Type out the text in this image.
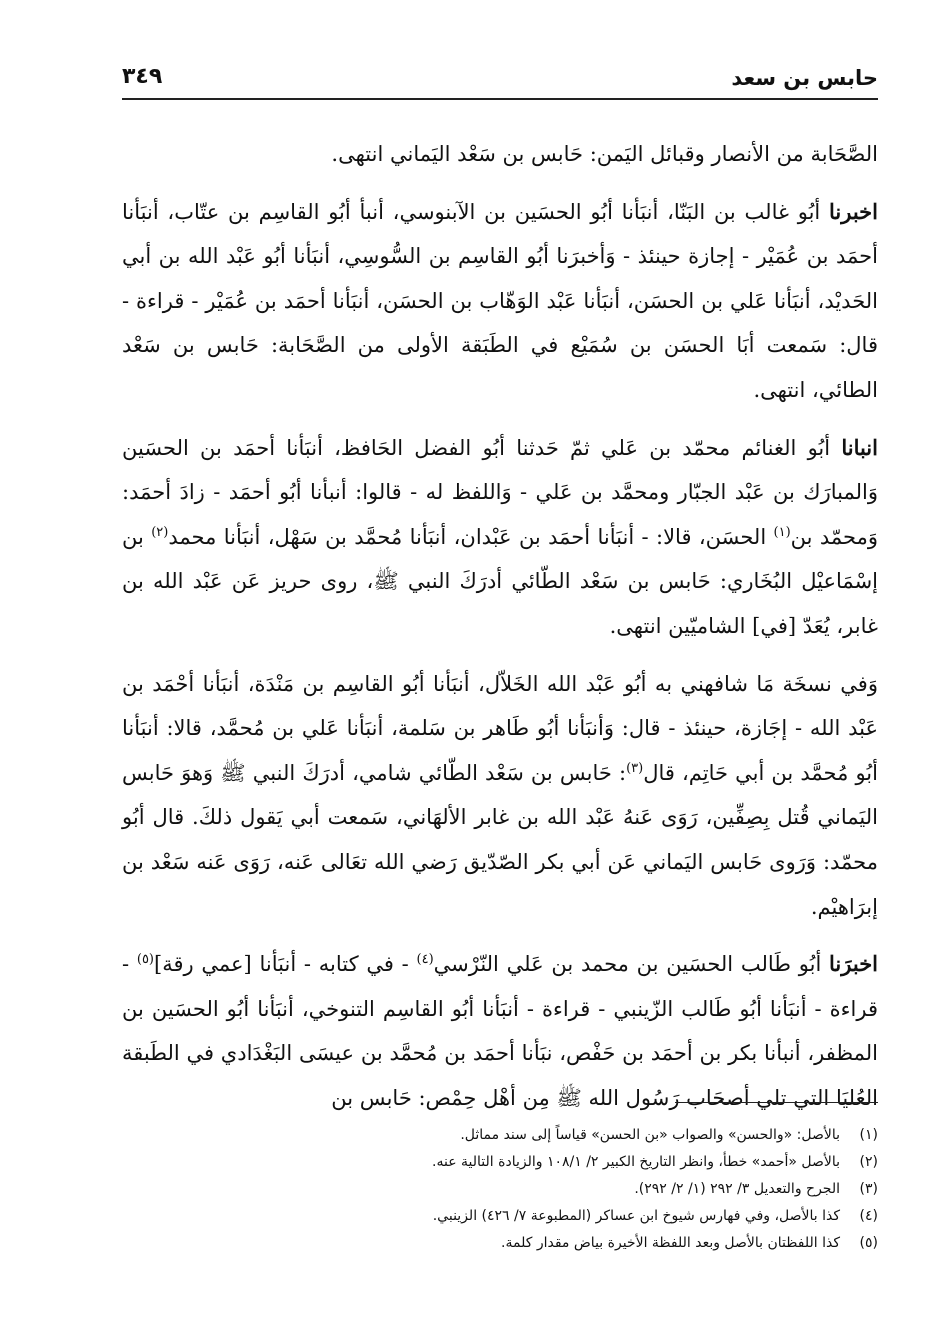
حابس بن سعد
٣٤٩

الصَّحَابة من الأنصار وقبائل اليَمن: حَابس بن سَعْد اليَماني انتهى.

اخبرنا أبُو غالب بن البَنّا، أنبَأنا أبُو الحسَين بن الآبنوسي، أنبأ أبُو القاسِم بن عتّاب، أنبَأنا أحمَد بن عُمَيْر - إجازة حينئذ - وَأخبرَنا أبُو القاسِم بن السُّوسِي، أنبَأنا أبُو عَبْد الله بن أبي الحَديْد، أنبَأنا عَلي بن الحسَن، أنبَأنا عَبْد الوَهّاب بن الحسَن، أنبَأنا أحمَد بن عُمَيْر - قراءة - قال: سَمعت أبَا الحسَن بن سُمَيْع في الطَبَقة الأولى من الصَّحَابة: حَابس بن سَعْد الطائي، انتهى.

انبانا أبُو الغنائم محمّد بن عَلي ثمّ حَدثنا أبُو الفضل الحَافظ، أنبَأنا أحمَد بن الحسَين وَالمبارَك بن عَبْد الجبّار ومحمَّد بن عَلي - وَاللفظ له - قالوا: أنبأنا أبُو أحمَد - زادَ أحمَد: وَمحمّد بن$^{(١)}$ الحسَن، قالا: - أنبَأنا أحمَد بن عَبْدان، أنبَأنا مُحمَّد بن سَهْل، أنبَأنا محمد$^{(٢)}$ بن إسْمَاعيْل البُخَاري: حَابس بن سَعْد الطّائي أدرَكَ النبي ﷺ، روى حريز عَن عَبْد الله بن غابر، يُعَدّ [في] الشاميّين انتهى.

وَفي نسخَة مَا شافهني به أبُو عَبْد الله الخَلاّل، أنبَأنا أبُو القاسِم بن مَنْدَة، أنبَأنا أحْمَد بن عَبْد الله - إجَازة، حينئذ - قال: وَأنبَأنا أبُو طَاهر بن سَلمة، أنبَأنا عَلي بن مُحمَّد، قالا: أنبَأنا أبُو مُحمَّد بن أبي حَاتِم، قال$^{(٣)}$: حَابس بن سَعْد الطّائي شامي، أدرَكَ النبي ﷺ وَهوَ حَابس اليَماني قُتل بِصِفِّين، رَوَى عَنهُ عَبْد الله بن غابر الألهَاني، سَمعت أبي يَقول ذلكَ. قال أبُو محمّد: وَرَوى حَابس اليَماني عَن أبي بكر الصّدّيق رَضي الله تعَالى عَنه، رَوَى عَنه سَعْد بن إبرَاهيْم.

اخبرَنا أبُو طَالب الحسَين بن محمد بن عَلي النّرْسي$^{(٤)}$ - في كتابه - أنبَأنا [عمي رقة]$^{(٥)}$ - قراءة - أنبَأنا أبُو طَالب الزّينبي - قراءة - أنبَأنا أبُو القاسِم التنوخي، أنبَأنا أبُو الحسَين بن المظفر، أنبأنا بكر بن أحمَد بن حَفْص، نبَأنا أحمَد بن مُحمَّد بن عيسَى البَغْدَادي في الطَبقة العُليَا التي تلي أصحَاب رَسُول الله ﷺ مِن أهْل حِمْص: حَابس بن

(١)
بالأصل: «والحسن» والصواب «بن الحسن» قياساً إلى سند مماثل.
(٢)
بالأصل «أحمد» خطأ، وانظر التاريخ الكبير ٢/ ١٠٨/١ والزيادة التالية عنه.
(٣)
الجرح والتعديل ٣/ ٢٩٢ (١/ ٢/ ٢٩٢).
(٤)
كذا بالأصل، وفي فهارس شيوخ ابن عساكر (المطبوعة ٧/ ٤٢٦) الزينبي.
(٥)
كذا اللفظتان بالأصل وبعد اللفظة الأخيرة بياض مقدار كلمة.
